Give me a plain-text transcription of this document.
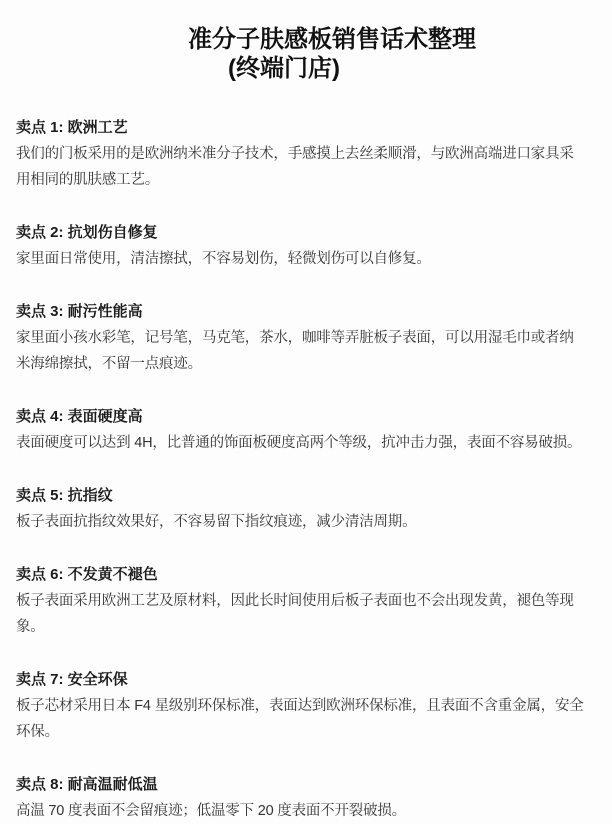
准分子肤感板销售话术整理
(终端门店)
卖点 1: 欧洲工艺

我们的门板采用的是欧洲纳米准分子技术，手感摸上去丝柔顺滑，与欧洲高端进口家具采用相同的肌肤感工艺。

卖点 2: 抗划伤自修复

家里面日常使用，清洁擦拭，不容易划伤，轻微划伤可以自修复。

卖点 3: 耐污性能高

家里面小孩水彩笔，记号笔，马克笔，茶水，咖啡等弄脏板子表面，可以用湿毛巾或者纳米海绵擦拭，不留一点痕迹。

卖点 4: 表面硬度高

表面硬度可以达到 4H，比普通的饰面板硬度高两个等级，抗冲击力强，表面不容易破损。

卖点 5: 抗指纹

板子表面抗指纹效果好，不容易留下指纹痕迹，减少清洁周期。

卖点 6: 不发黄不褪色

板子表面采用欧洲工艺及原材料，因此长时间使用后板子表面也不会出现发黄，褪色等现象。

卖点 7: 安全环保

板子芯材采用日本 F4 星级别环保标准，表面达到欧洲环保标准，且表面不含重金属，安全环保。

卖点 8: 耐高温耐低温

高温 70 度表面不会留痕迹；低温零下 20 度表面不开裂破损。
